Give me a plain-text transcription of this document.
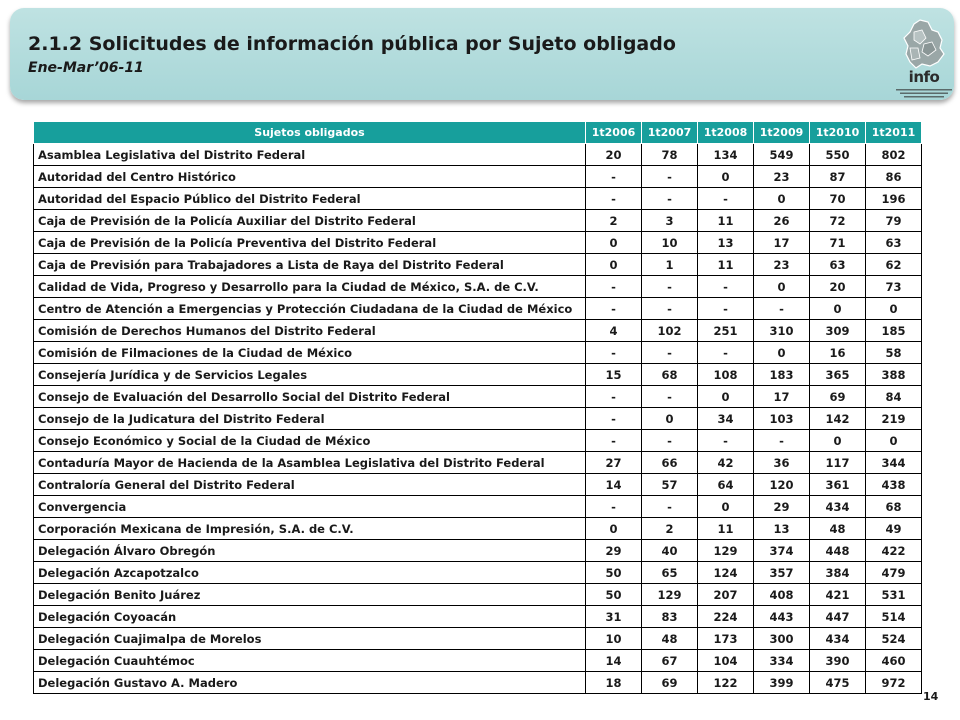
2.1.2 Solicitudes de información pública por Sujeto obligado
Ene-Mar’06-11	info
Sujetos obligados	1t2006	1t2007	1t2008	1t2009	1t2010	1t2011
Asamblea Legislativa del Distrito Federal	20	78	134	549	550	802
Autoridad del Centro Histórico	-	-	0	23	87	86
Autoridad del Espacio Público del Distrito Federal	-	-	-	0	70	196
Caja de Previsión de la Policía Auxiliar del Distrito Federal	2	3	11	26	72	79
Caja de Previsión de la Policía Preventiva del Distrito Federal	0	10	13	17	71	63
Caja de Previsión para Trabajadores a Lista de Raya del Distrito Federal	0	1	11	23	63	62
Calidad de Vida, Progreso y Desarrollo para la Ciudad de México, S.A. de C.V.	-	-	-	0	20	73
Centro de Atención a Emergencias y Protección Ciudadana de la Ciudad de México	-	-	-	-	0	0
Comisión de Derechos Humanos del Distrito Federal	4	102	251	310	309	185
Comisión de Filmaciones de la Ciudad de México	-	-	-	0	16	58
Consejería Jurídica y de Servicios Legales	15	68	108	183	365	388
Consejo de Evaluación del Desarrollo Social del Distrito Federal	-	-	0	17	69	84
Consejo de la Judicatura del Distrito Federal	-	0	34	103	142	219
Consejo Económico y Social de la Ciudad de México	-	-	-	-	0	0
Contaduría Mayor de Hacienda de la Asamblea Legislativa del Distrito Federal	27	66	42	36	117	344
Contraloría General del Distrito Federal	14	57	64	120	361	438
Convergencia	-	-	0	29	434	68
Corporación Mexicana de Impresión, S.A. de C.V.	0	2	11	13	48	49
Delegación Álvaro Obregón	29	40	129	374	448	422
Delegación Azcapotzalco	50	65	124	357	384	479
Delegación Benito Juárez	50	129	207	408	421	531
Delegación Coyoacán	31	83	224	443	447	514
Delegación Cuajimalpa de Morelos	10	48	173	300	434	524
Delegación Cuauhtémoc	14	67	104	334	390	460
Delegación Gustavo A. Madero	18	69	122	399	475	972
14
